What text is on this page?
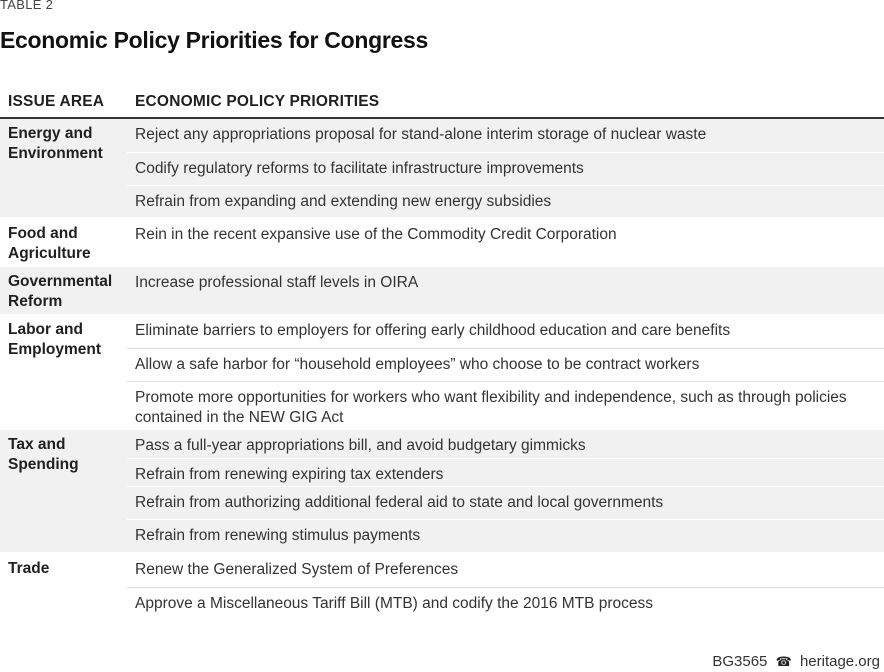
TABLE 2
Economic Policy Priorities for Congress
ISSUE AREA ECONOMIC POLICY PRIORITIES
Energy and Environment
Reject any appropriations proposal for stand-alone interim storage of nuclear waste
Codify regulatory reforms to facilitate infrastructure improvements
Refrain from expanding and extending new energy subsidies
Food and Agriculture
Rein in the recent expansive use of the Commodity Credit Corporation
Governmental Reform
Increase professional staff levels in OIRA
Labor and Employment
Eliminate barriers to employers for offering early childhood education and care benefits
Allow a safe harbor for “household employees” who choose to be contract workers
Promote more opportunities for workers who want flexibility and independence, such as through policies contained in the NEW GIG Act
Tax and Spending
Pass a full-year appropriations bill, and avoid budgetary gimmicks
Refrain from renewing expiring tax extenders
Refrain from authorizing additional federal aid to state and local governments
Refrain from renewing stimulus payments
Trade	Renew the Generalized System of Preferences
Approve a Miscellaneous Tariff Bill (MTB) and codify the 2016 MTB process
BG3565 ☎ heritage.org
